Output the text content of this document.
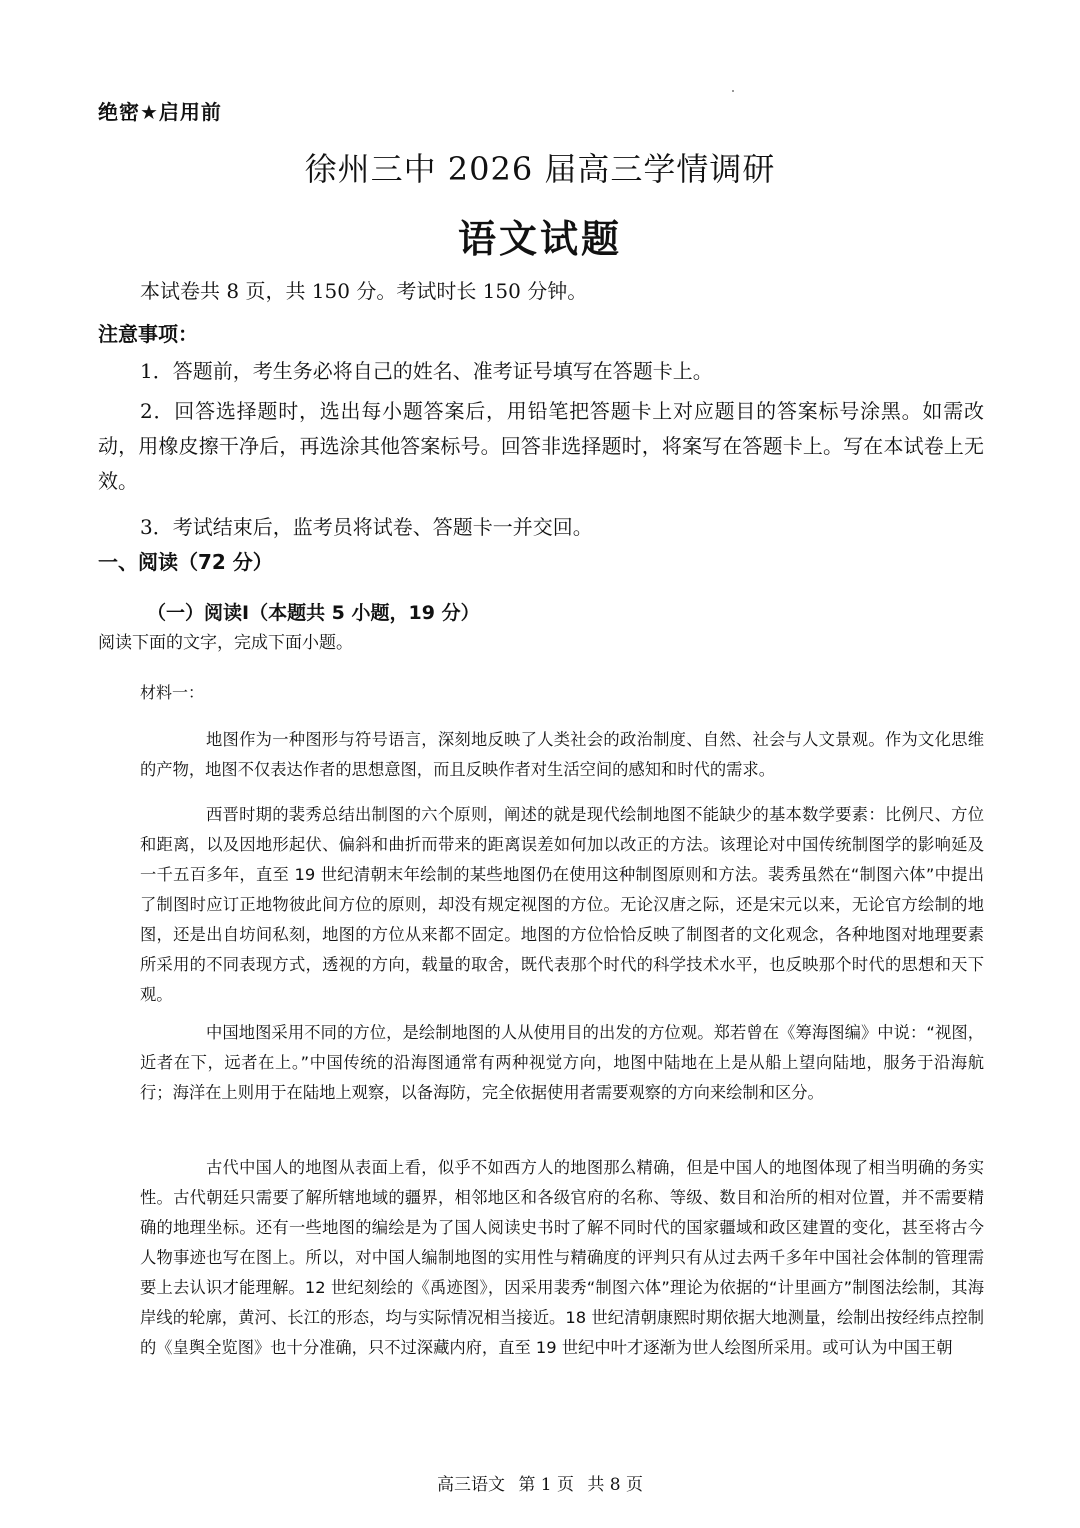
绝密★启用前

徐州三中 2026 届高三学情调研

语文试题

本试卷共 8 页，共 150 分。考试时长 150 分钟。

注意事项：

1．答题前，考生务必将自己的姓名、准考证号填写在答题卡上。

2．回答选择题时，选出每小题答案后，用铅笔把答题卡上对应题目的答案标号涂黑。如需改动，用橡皮擦干净后，再选涂其他答案标号。回答非选择题时，将案写在答题卡上。写在本试卷上无效。

3．考试结束后，监考员将试卷、答题卡一并交回。

一、阅读（72 分）

（一）阅读I（本题共 5 小题，19 分）

阅读下面的文字，完成下面小题。

材料一：

地图作为一种图形与符号语言，深刻地反映了人类社会的政治制度、自然、社会与人文景观。作为文化思维的产物，地图不仅表达作者的思想意图，而且反映作者对生活空间的感知和时代的需求。

西晋时期的裴秀总结出制图的六个原则，阐述的就是现代绘制地图不能缺少的基本数学要素：比例尺、方位和距离，以及因地形起伏、偏斜和曲折而带来的距离误差如何加以改正的方法。该理论对中国传统制图学的影响延及一千五百多年，直至 19 世纪清朝末年绘制的某些地图仍在使用这种制图原则和方法。裴秀虽然在“制图六体”中提出了制图时应订正地物彼此间方位的原则，却没有规定视图的方位。无论汉唐之际，还是宋元以来，无论官方绘制的地图，还是出自坊间私刻，地图的方位从来都不固定。地图的方位恰恰反映了制图者的文化观念，各种地图对地理要素所采用的不同表现方式，透视的方向，载量的取舍，既代表那个时代的科学技术水平，也反映那个时代的思想和天下观。

中国地图采用不同的方位，是绘制地图的人从使用目的出发的方位观。郑若曾在《筹海图编》中说：“视图，近者在下，远者在上。”中国传统的沿海图通常有两种视觉方向，地图中陆地在上是从船上望向陆地，服务于沿海航行；海洋在上则用于在陆地上观察，以备海防，完全依据使用者需要观察的方向来绘制和区分。

古代中国人的地图从表面上看，似乎不如西方人的地图那么精确，但是中国人的地图体现了相当明确的务实性。古代朝廷只需要了解所辖地域的疆界，相邻地区和各级官府的名称、等级、数目和治所的相对位置，并不需要精确的地理坐标。还有一些地图的编绘是为了国人阅读史书时了解不同时代的国家疆域和政区建置的变化，甚至将古今人物事迹也写在图上。所以，对中国人编制地图的实用性与精确度的评判只有从过去两千多年中国社会体制的管理需要上去认识才能理解。12 世纪刻绘的《禹迹图》，因采用裴秀“制图六体”理论为依据的“计里画方”制图法绘制，其海岸线的轮廓，黄河、长江的形态，均与实际情况相当接近。18 世纪清朝康熙时期依据大地测量，绘制出按经纬点控制的《皇舆全览图》也十分准确，只不过深藏内府，直至 19 世纪中叶才逐渐为世人绘图所采用。或可认为中国王朝

高三语文 第 1 页 共 8 页
